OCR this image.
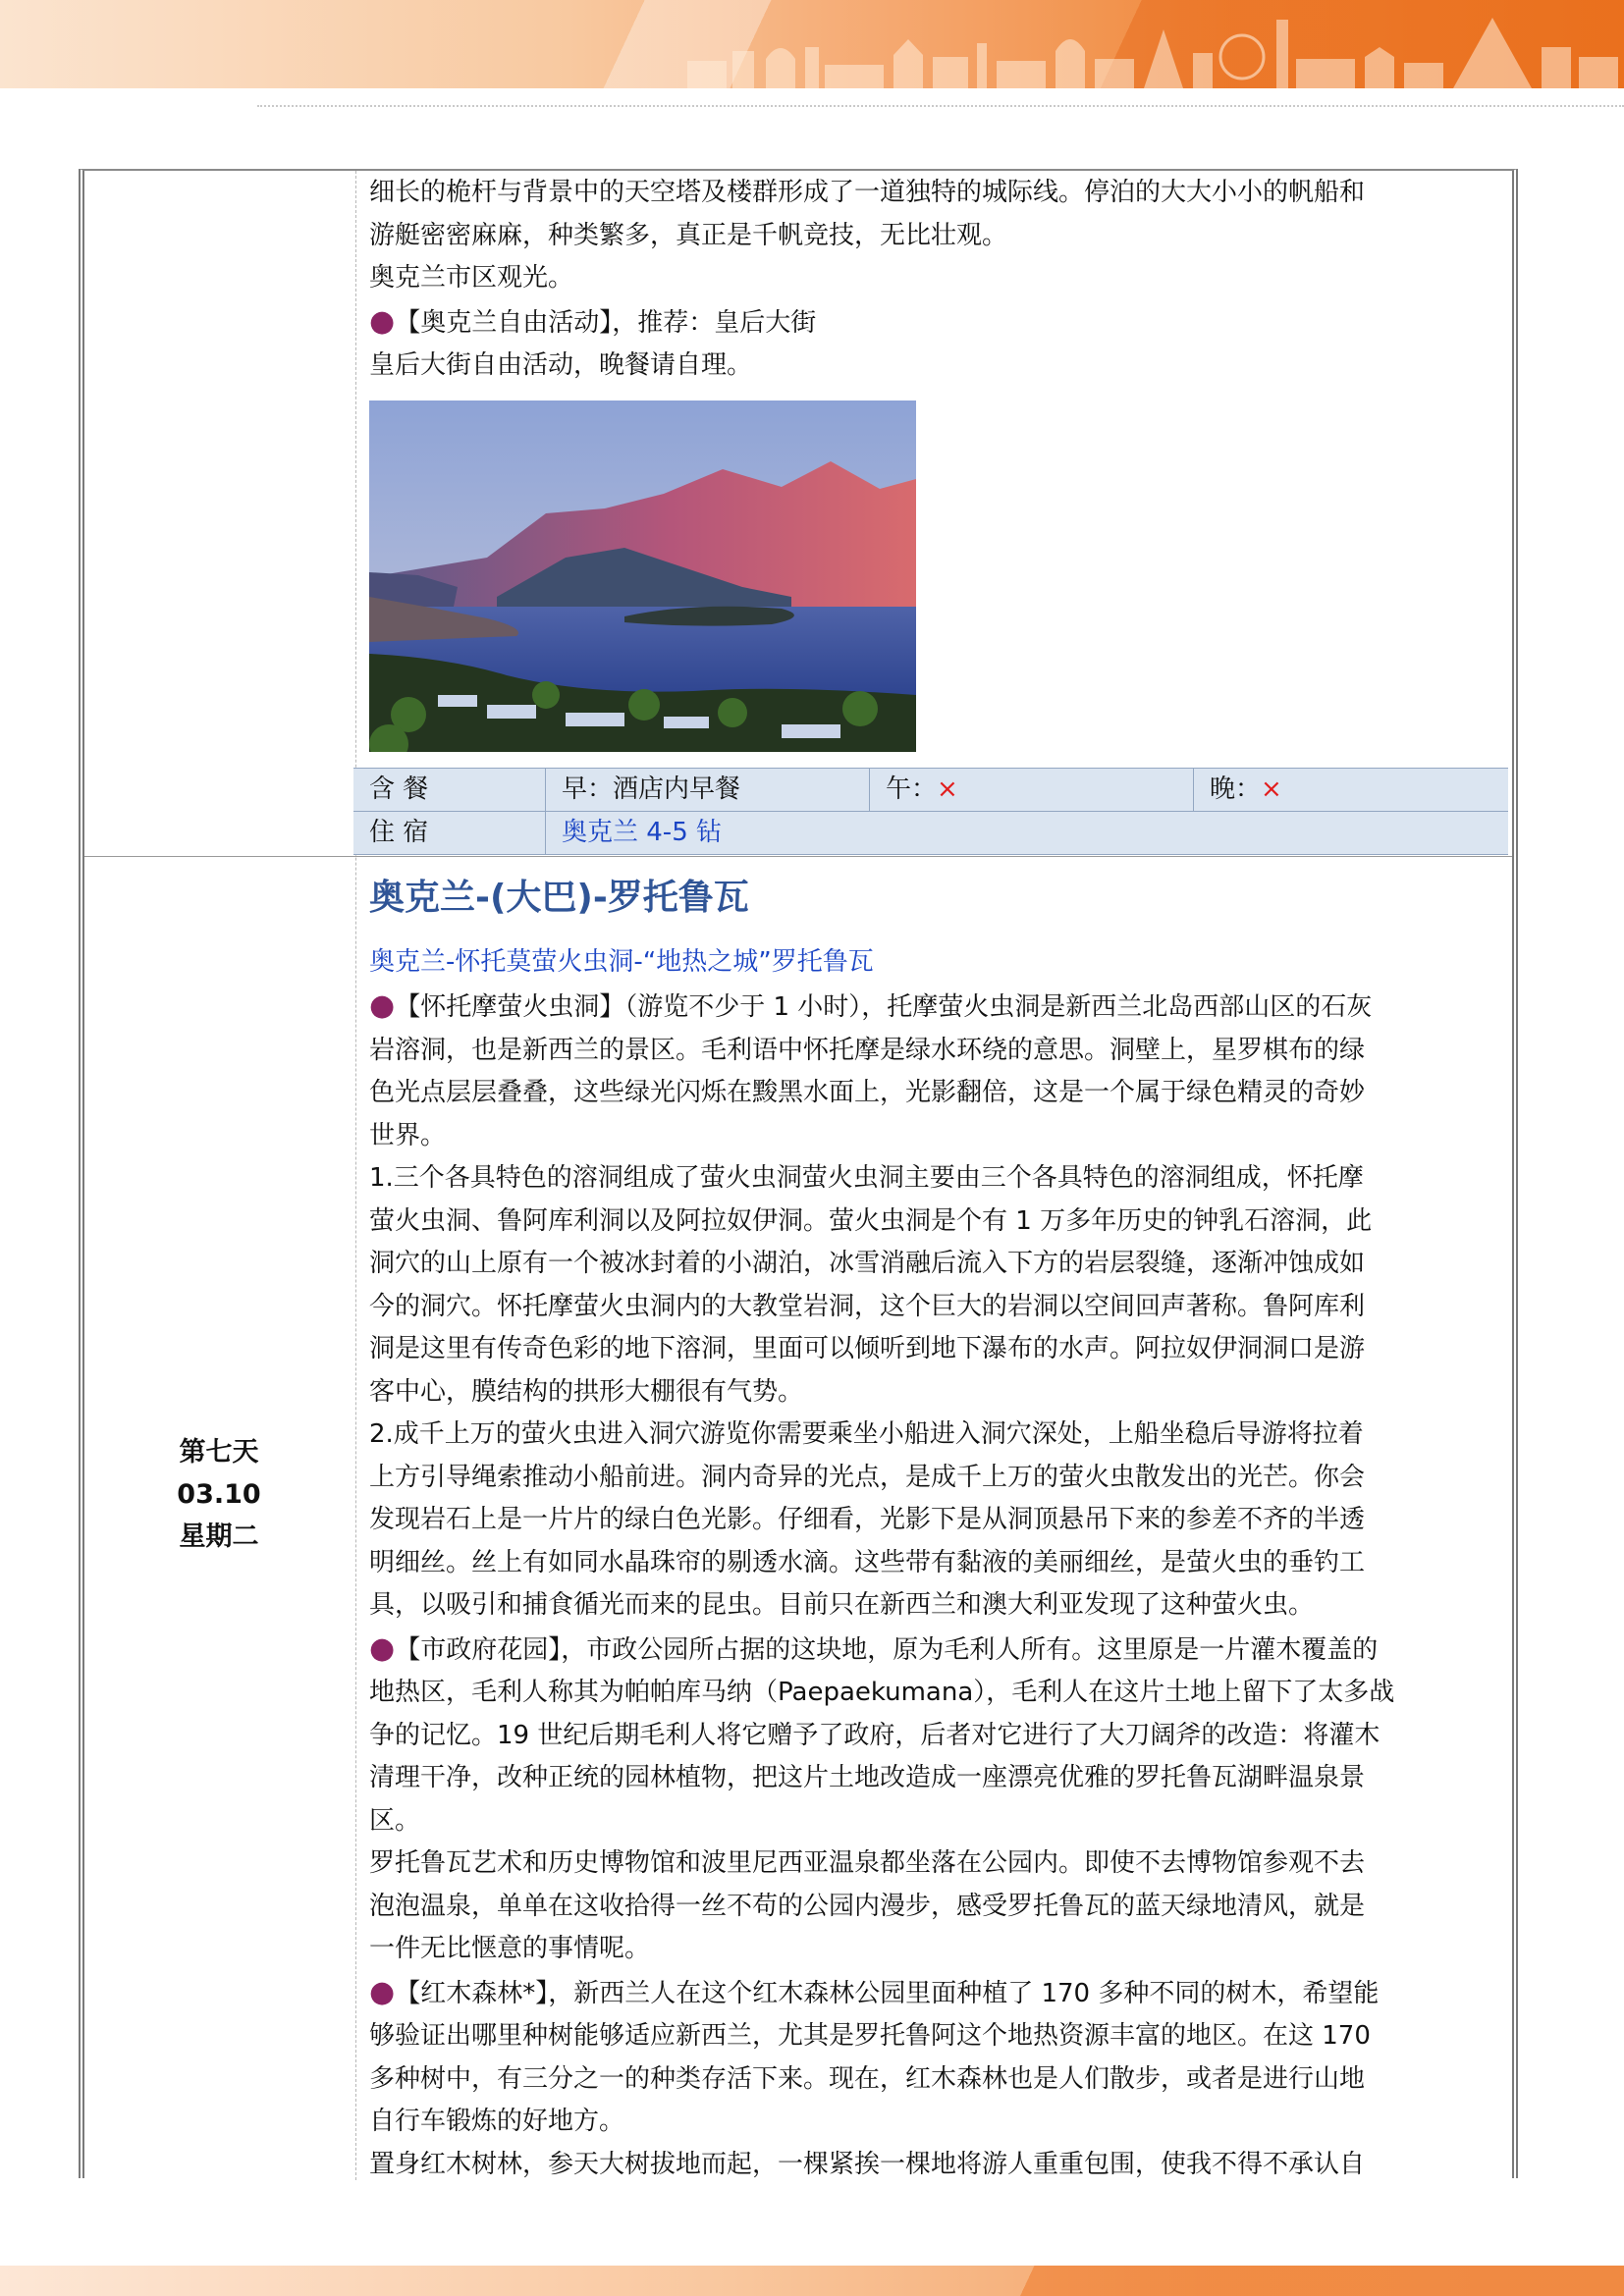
细长的桅杆与背景中的天空塔及楼群形成了一道独特的城际线。停泊的大大小小的帆船和

游艇密密麻麻，种类繁多，真正是千帆竞技，无比壮观。

奥克兰市区观光。

●【奥克兰自由活动】，推荐：皇后大街

皇后大街自由活动，晚餐请自理。

含 餐	早：酒店内早餐	午：×	晚：×
住 宿	奥克兰 4-5 钻
第七天
03.10
星期二
奥克兰-(大巴)-罗托鲁瓦
奥克兰-怀托莫萤火虫洞-“地热之城”罗托鲁瓦

●【怀托摩萤火虫洞】（游览不少于 1 小时），托摩萤火虫洞是新西兰北岛西部山区的石灰

岩溶洞，也是新西兰的景区。毛利语中怀托摩是绿水环绕的意思。洞壁上，星罗棋布的绿

色光点层层叠叠，这些绿光闪烁在黢黑水面上，光影翻倍，这是一个属于绿色精灵的奇妙

世界。

1.三个各具特色的溶洞组成了萤火虫洞萤火虫洞主要由三个各具特色的溶洞组成，怀托摩

萤火虫洞、鲁阿库利洞以及阿拉奴伊洞。萤火虫洞是个有 1 万多年历史的钟乳石溶洞，此

洞穴的山上原有一个被冰封着的小湖泊，冰雪消融后流入下方的岩层裂缝，逐渐冲蚀成如

今的洞穴。怀托摩萤火虫洞内的大教堂岩洞，这个巨大的岩洞以空间回声著称。鲁阿库利

洞是这里有传奇色彩的地下溶洞，里面可以倾听到地下瀑布的水声。阿拉奴伊洞洞口是游

客中心，膜结构的拱形大棚很有气势。

2.成千上万的萤火虫进入洞穴游览你需要乘坐小船进入洞穴深处，上船坐稳后导游将拉着

上方引导绳索推动小船前进。洞内奇异的光点，是成千上万的萤火虫散发出的光芒。你会

发现岩石上是一片片的绿白色光影。仔细看，光影下是从洞顶悬吊下来的参差不齐的半透

明细丝。丝上有如同水晶珠帘的剔透水滴。这些带有黏液的美丽细丝，是萤火虫的垂钓工

具，以吸引和捕食循光而来的昆虫。目前只在新西兰和澳大利亚发现了这种萤火虫。

●【市政府花园】，市政公园所占据的这块地，原为毛利人所有。这里原是一片灌木覆盖的

地热区，毛利人称其为帕帕库马纳（Paepaekumana），毛利人在这片土地上留下了太多战

争的记忆。19 世纪后期毛利人将它赠予了政府，后者对它进行了大刀阔斧的改造：将灌木

清理干净，改种正统的园林植物，把这片土地改造成一座漂亮优雅的罗托鲁瓦湖畔温泉景

区。

罗托鲁瓦艺术和历史博物馆和波里尼西亚温泉都坐落在公园内。即使不去博物馆参观不去

泡泡温泉，单单在这收拾得一丝不苟的公园内漫步，感受罗托鲁瓦的蓝天绿地清风，就是

一件无比惬意的事情呢。

●【红木森林*】，新西兰人在这个红木森林公园里面种植了 170 多种不同的树木，希望能

够验证出哪里种树能够适应新西兰，尤其是罗托鲁阿这个地热资源丰富的地区。在这 170

多种树中，有三分之一的种类存活下来。现在，红木森林也是人们散步，或者是进行山地

自行车锻炼的好地方。

置身红木树林，参天大树拔地而起，一棵紧挨一棵地将游人重重包围，使我不得不承认自
